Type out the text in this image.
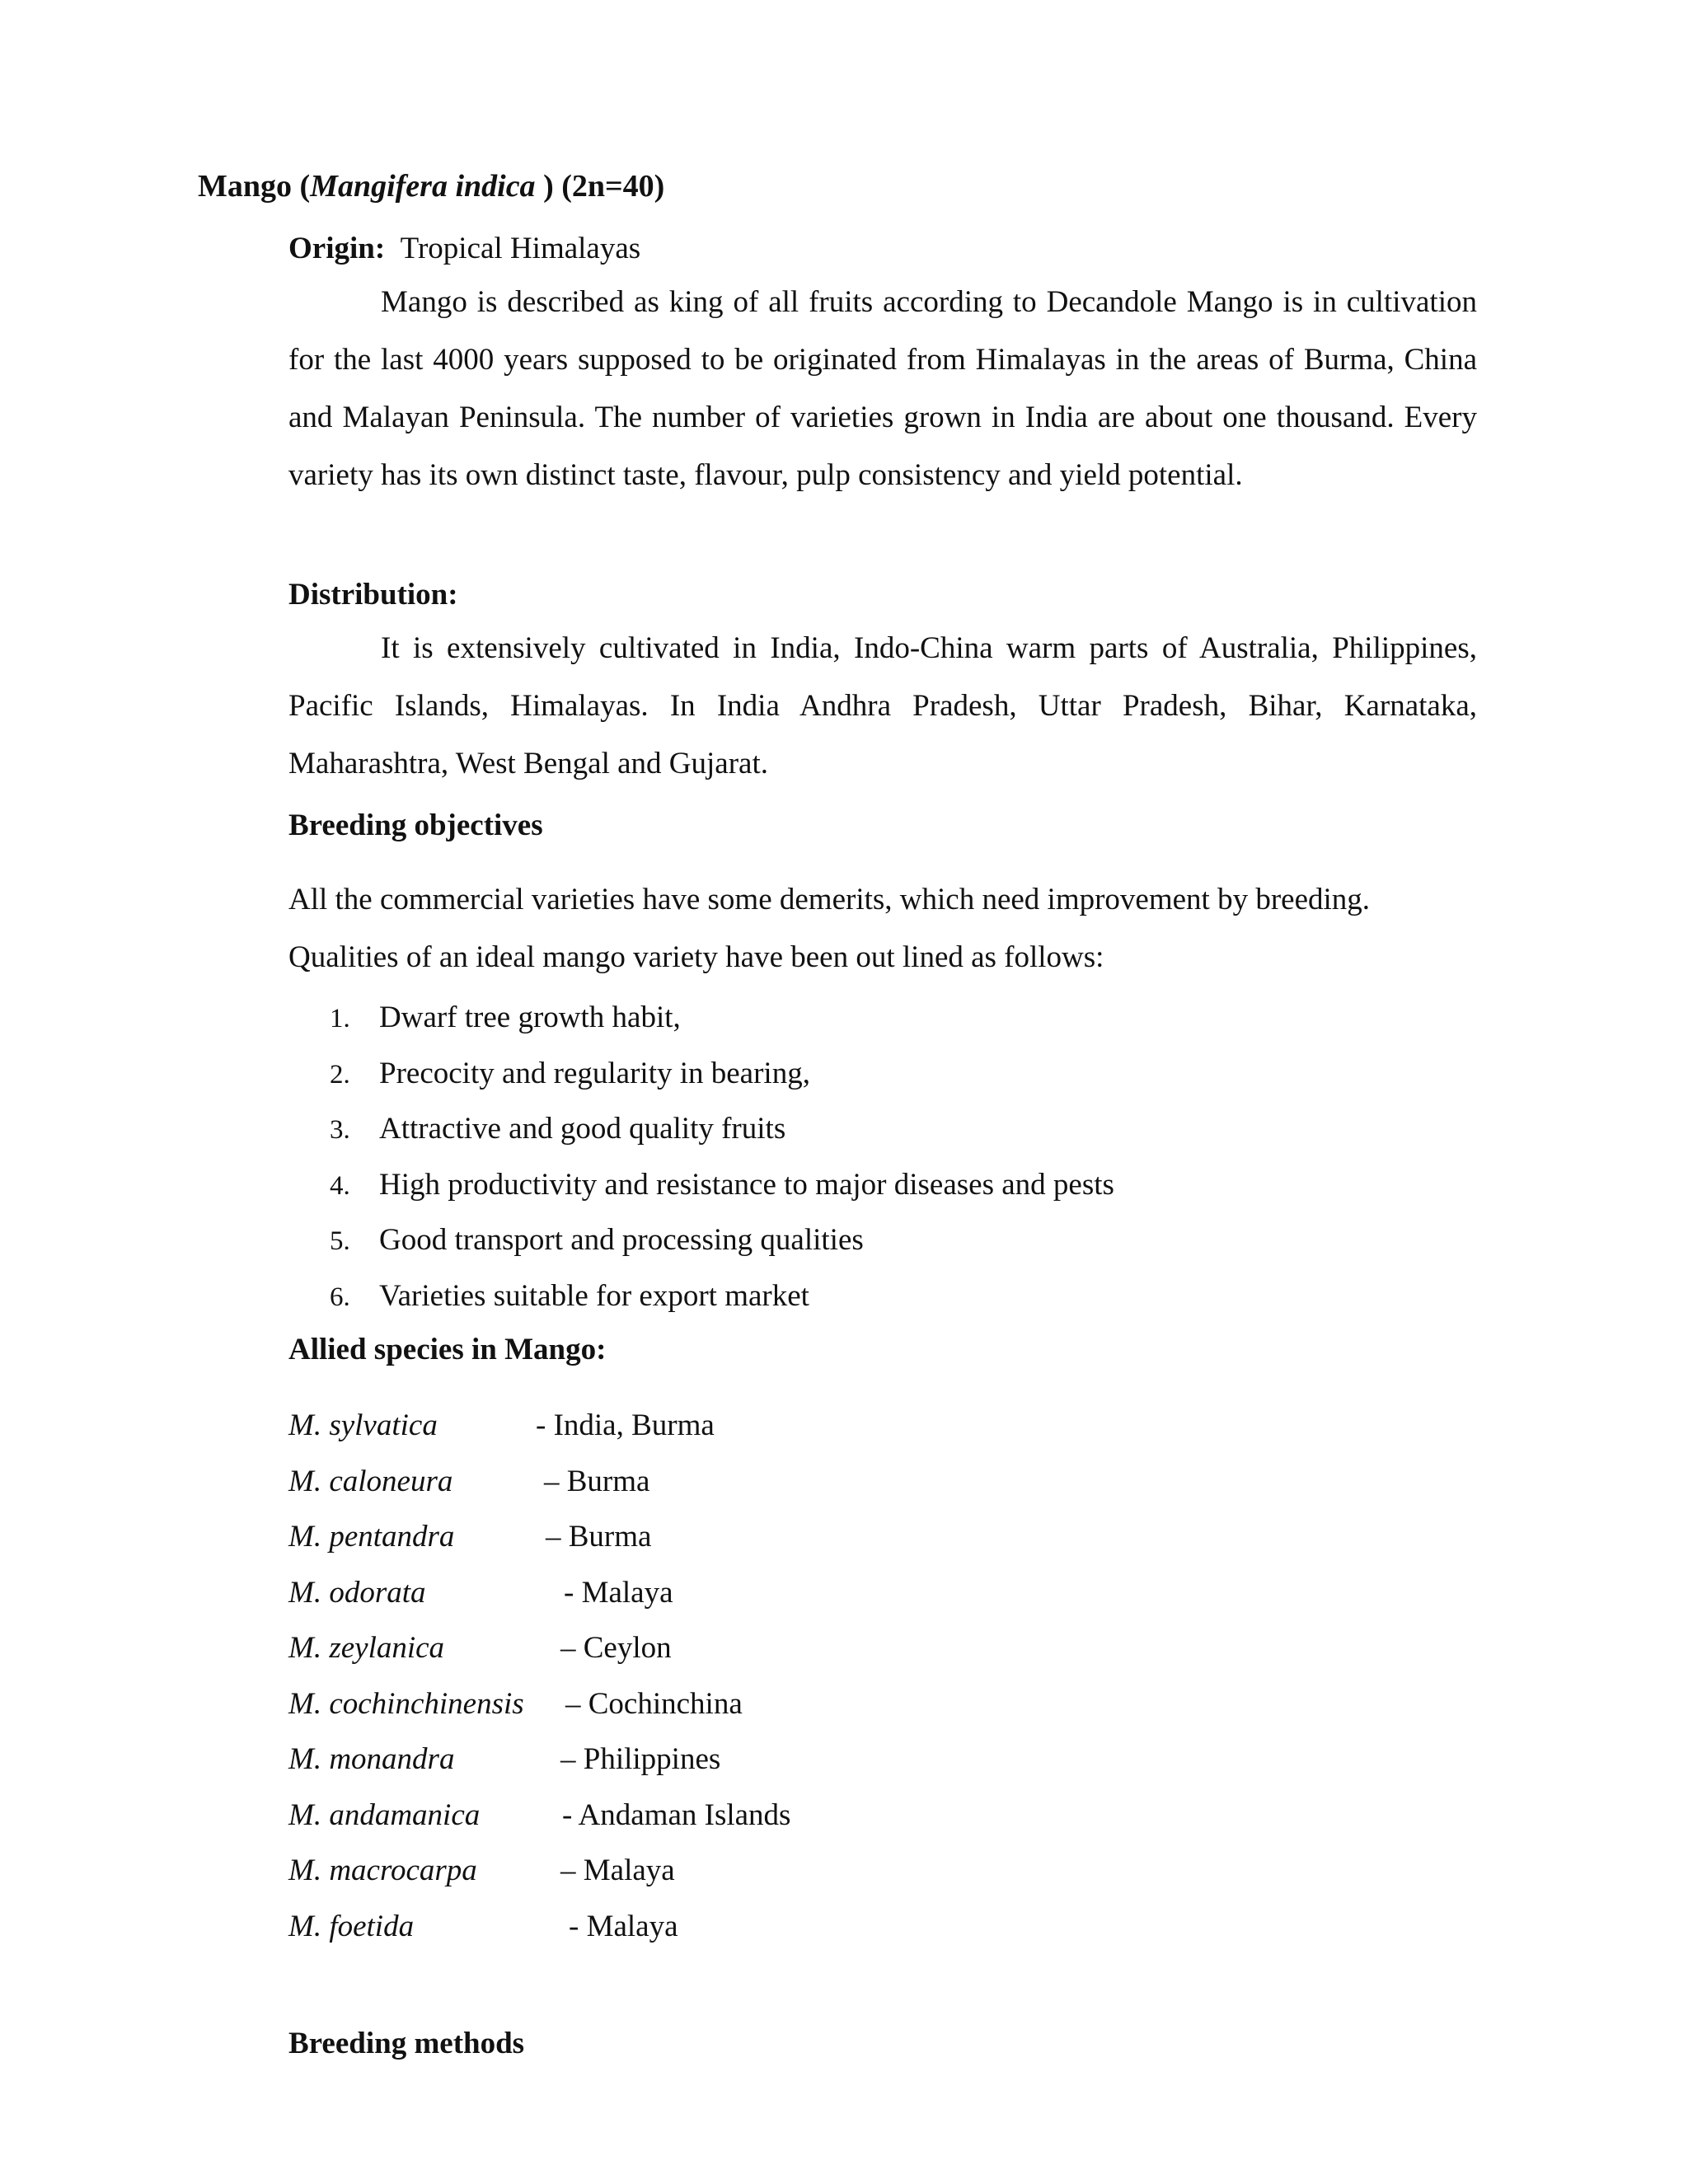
Mango (Mangifera indica ) (2n=40)
Origin: Tropical Himalayas

Mango is described as king of all fruits according to Decandole Mango is in cultivation for the last 4000 years supposed to be originated from Himalayas in the areas of Burma, China and Malayan Peninsula. The number of varieties grown in India are about one thousand. Every variety has its own distinct taste, flavour, pulp consistency and yield potential.

Distribution:

It is extensively cultivated in India, Indo-China warm parts of Australia, Philippines, Pacific Islands, Himalayas. In India Andhra Pradesh, Uttar Pradesh, Bihar, Karnataka, Maharashtra, West Bengal and Gujarat.

Breeding objectives
All the commercial varieties have some demerits, which need improvement by breeding.
Qualities of an ideal mango variety have been out lined as follows:
1. Dwarf tree growth habit,
2. Precocity and regularity in bearing,
3. Attractive and good quality fruits
4. High productivity and resistance to major diseases and pests
5. Good transport and processing qualities
6. Varieties suitable for export market
Allied species in Mango:
M. sylvatica	- India, Burma
M. caloneura	– Burma
M. pentandra	– Burma
M. odorata	- Malaya
M. zeylanica	– Ceylon
M. cochinchinensis – Cochinchina
M. monandra	– Philippines
M. andamanica	- Andaman Islands
M. macrocarpa	– Malaya
M. foetida	- Malaya
Breeding methods
